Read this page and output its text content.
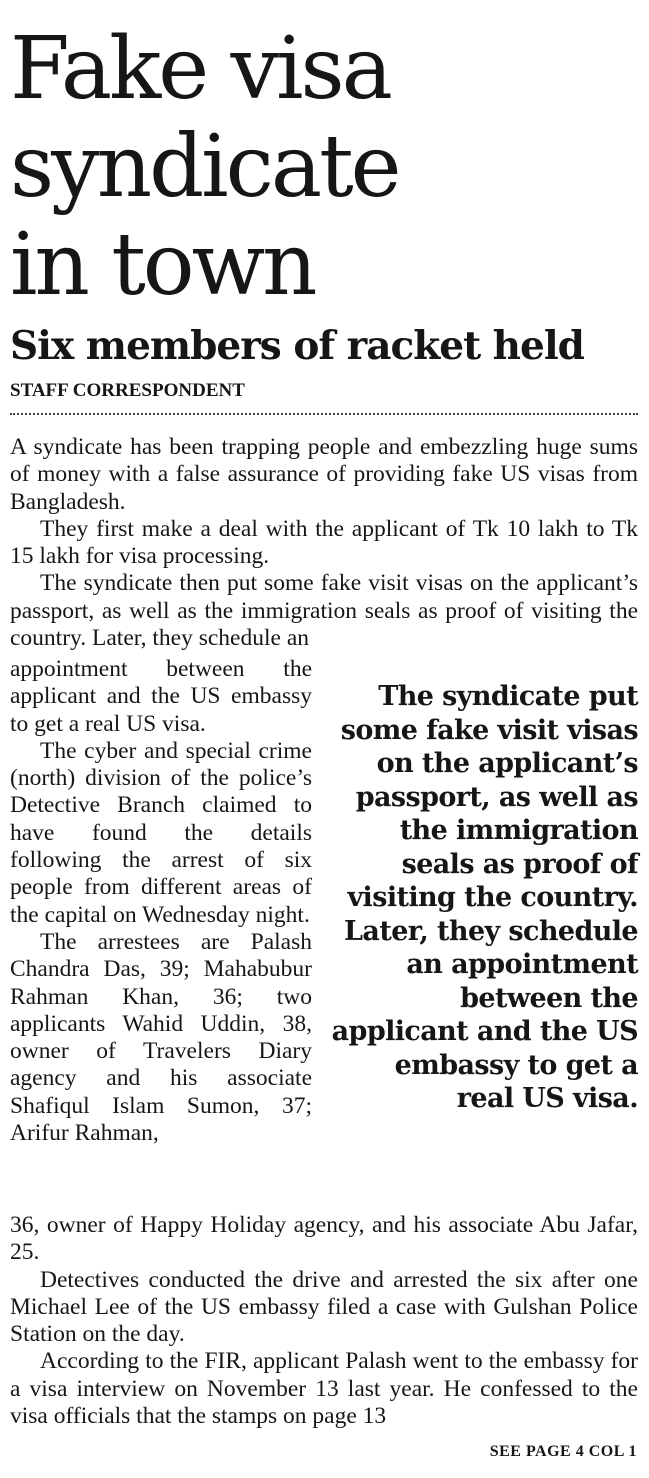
Fake visa
syndicate
in town
Six members of racket held
STAFF CORRESPONDENT

A syndicate has been trapping people and embezzling huge sums of money with a false assurance of providing fake US visas from Bangladesh.

They first make a deal with the applicant of Tk 10 lakh to Tk 15 lakh for visa processing.

The syndicate then put some fake visit visas on the applicant’s passport, as well as the immigration seals as proof of visiting the country. Later, they schedule an

appointment between the applicant and the US embassy to get a real US visa.

The cyber and special crime (north) division of the police’s Detective Branch claimed to have found the details following the arrest of six people from different areas of the capital on Wednesday night.

The arrestees are Palash Chandra Das, 39; Mahabubur Rahman Khan, 36; two applicants Wahid Uddin, 38, owner of Travelers Diary agency and his associate Shafiqul Islam Sumon, 37; Arifur Rahman,

The syndicate put some fake visit visas on the applicant’s passport, as well as the immigration seals as proof of visiting the country. Later, they schedule an appointment between the applicant and the US embassy to get a real US visa.

36, owner of Happy Holiday agency, and his associate Abu Jafar, 25.

Detectives conducted the drive and arrested the six after one Michael Lee of the US embassy filed a case with Gulshan Police Station on the day.

According to the FIR, applicant Palash went to the embassy for a visa interview on November 13 last year. He confessed to the visa officials that the stamps on page 13

SEE PAGE 4 COL 1
